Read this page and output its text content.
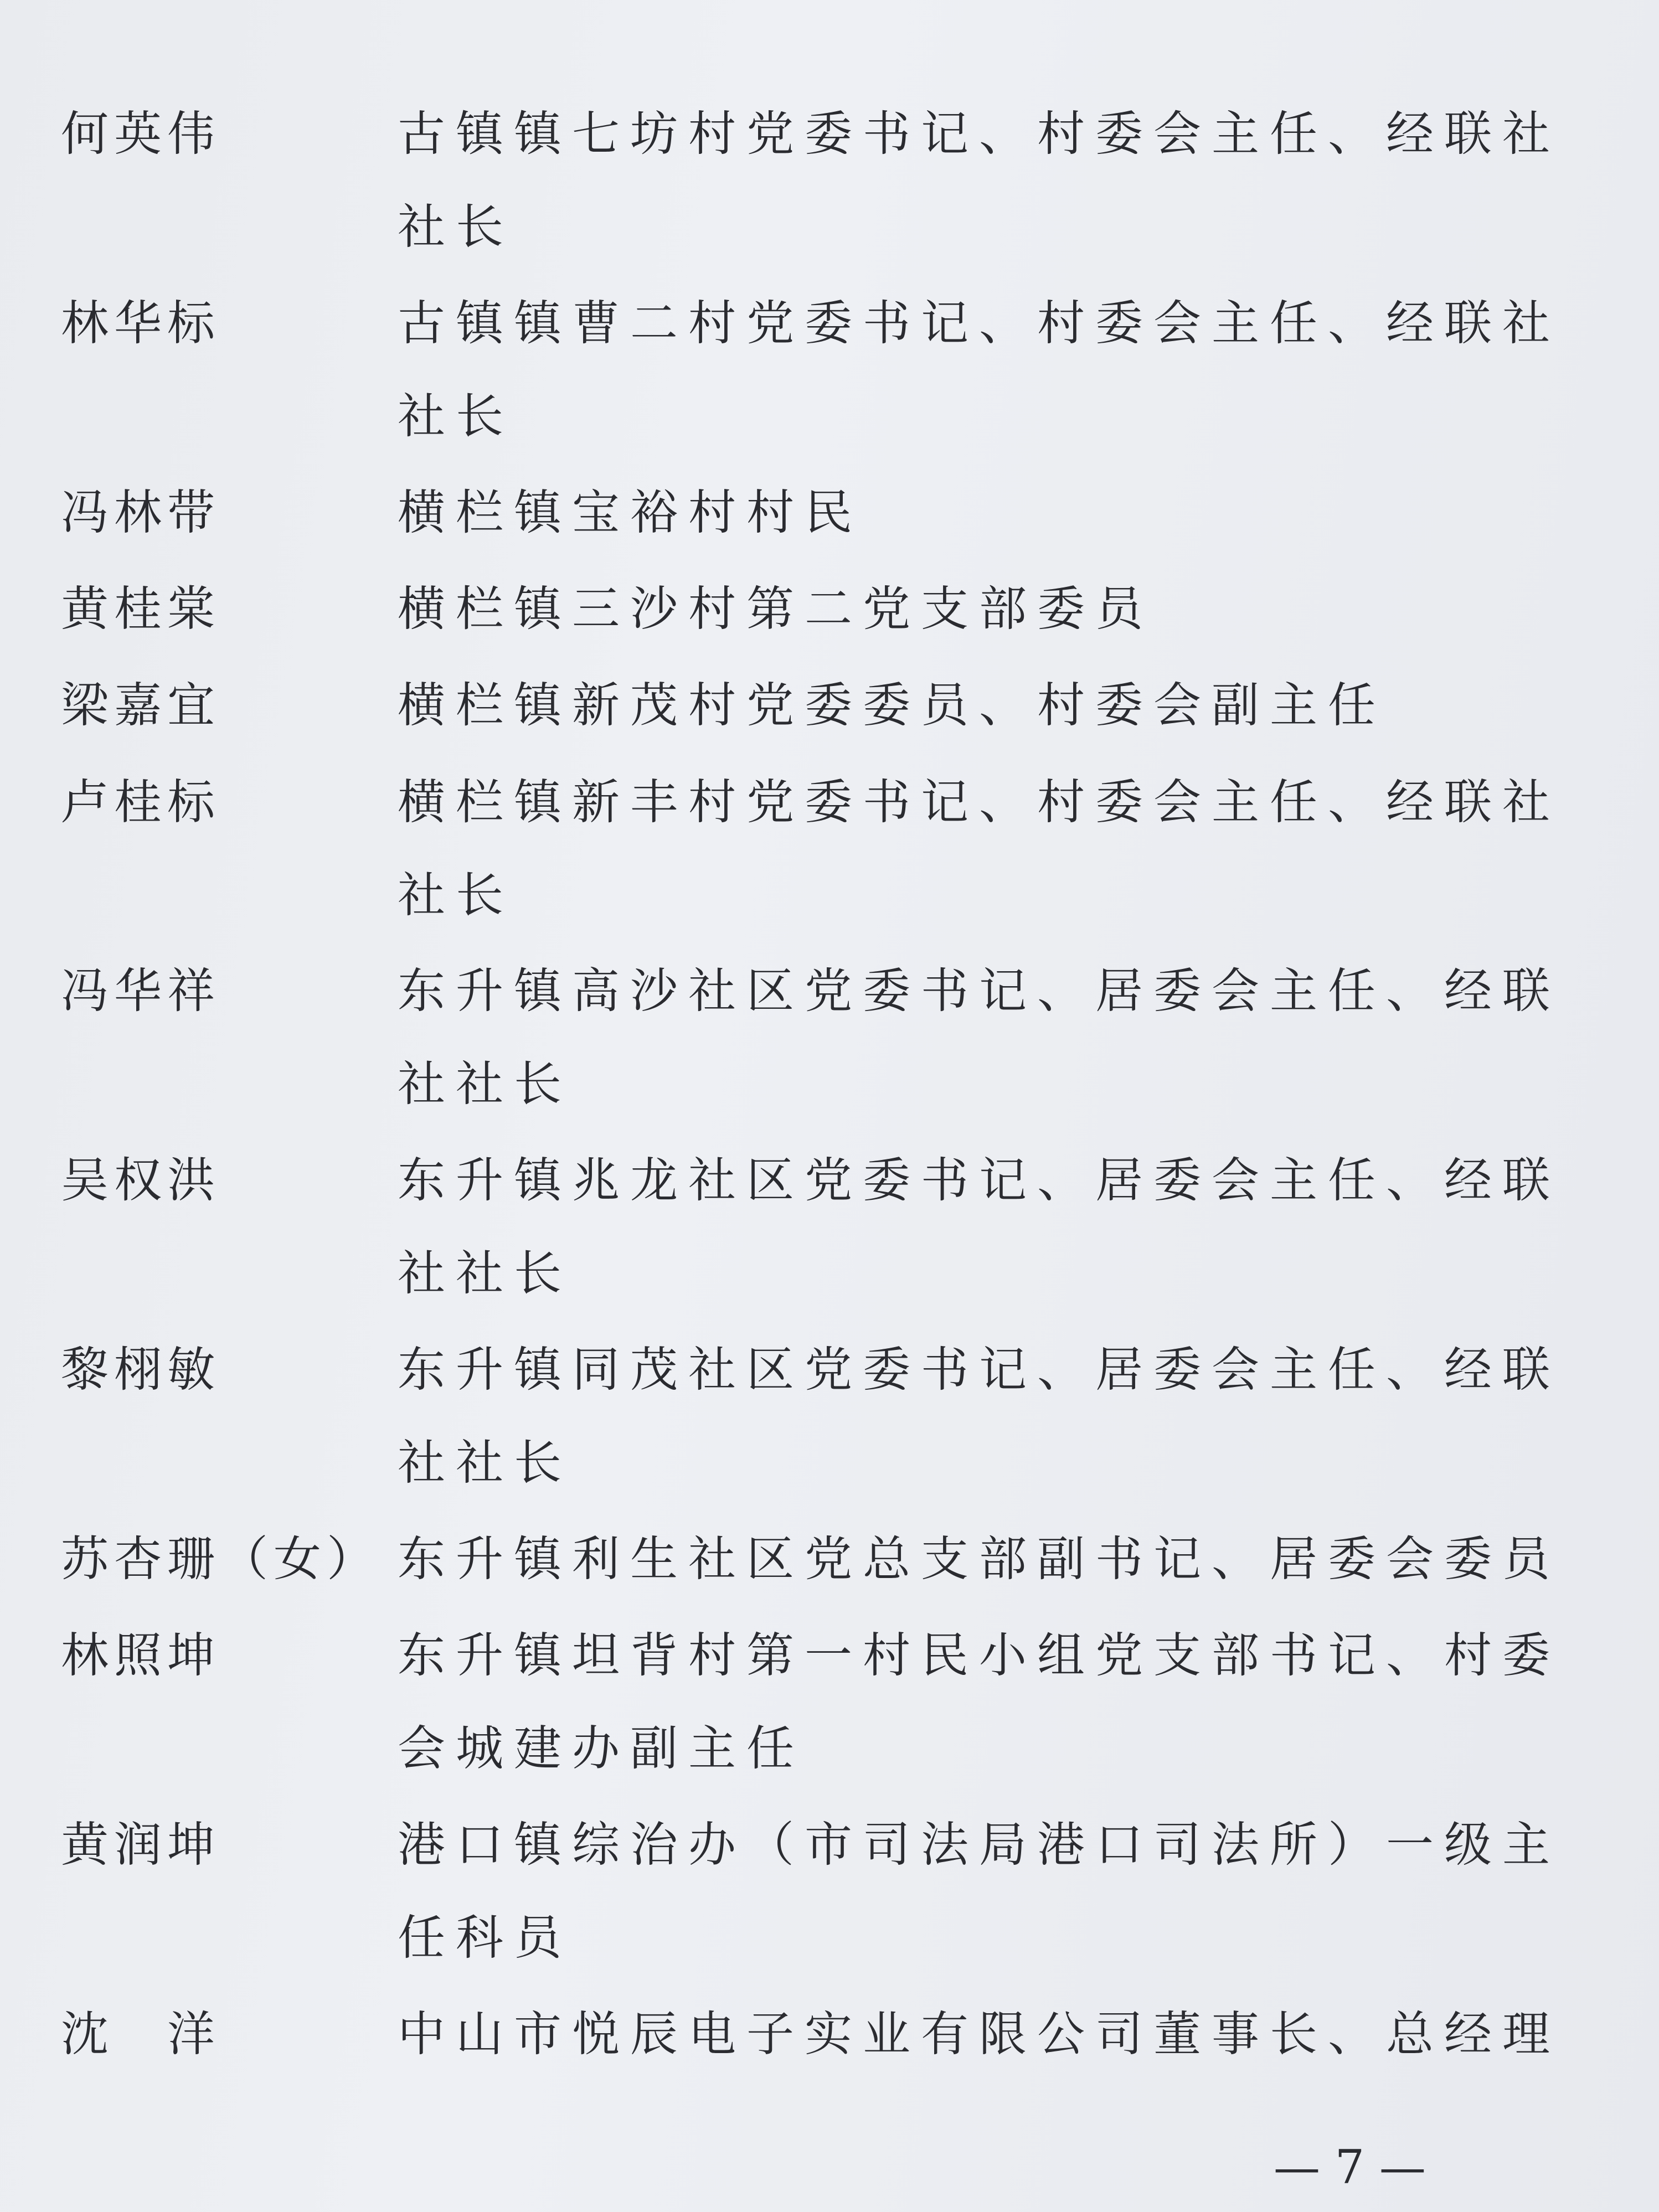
何英伟	古镇镇七坊村党委书记、村委会主任、经联社
社长
林华标	古镇镇曹二村党委书记、村委会主任、经联社
社长
冯林带	横栏镇宝裕村村民
黄桂棠	横栏镇三沙村第二党支部委员
梁嘉宜	横栏镇新茂村党委委员、村委会副主任
卢桂标	横栏镇新丰村党委书记、村委会主任、经联社
社长
冯华祥	东升镇高沙社区党委书记、居委会主任、经联
社社长
吴权洪	东升镇兆龙社区党委书记、居委会主任、经联
社社长
黎栩敏	东升镇同茂社区党委书记、居委会主任、经联
社社长
苏杏珊（女） 东升镇利生社区党总支部副书记、居委会委员
林照坤	东升镇坦背村第一村民小组党支部书记、村委
会城建办副主任
黄润坤	港口镇综治办（市司法局港口司法所）一级主
任科员
沈　洋	中山市悦辰电子实业有限公司董事长、总经理
— 7 —
